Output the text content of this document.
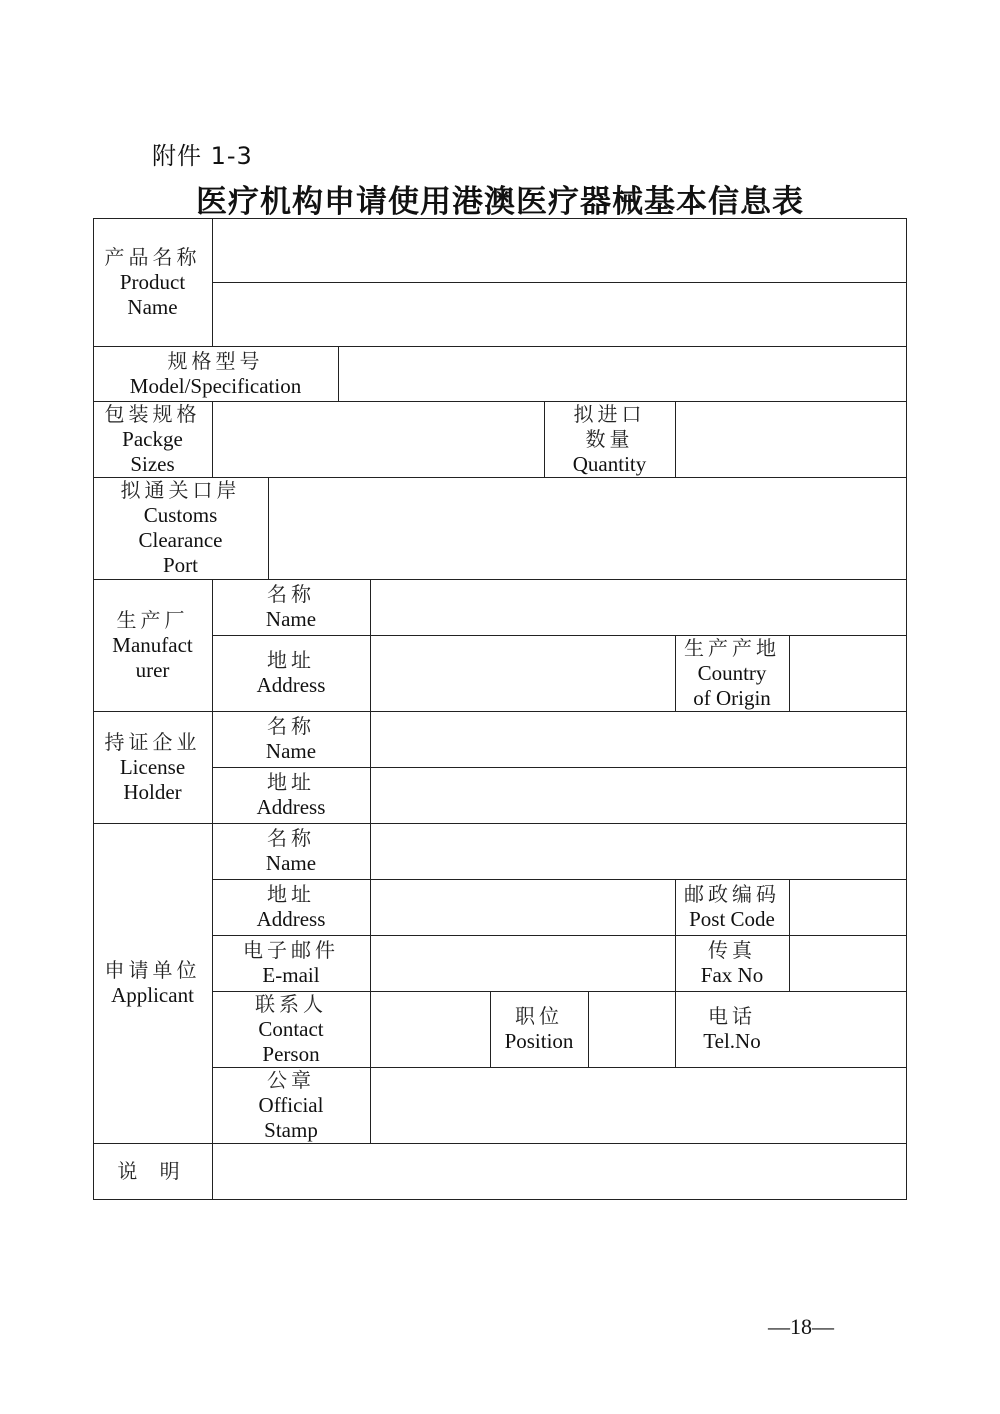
附件 1-3
医疗机构申请使用港澳医疗器械基本信息表
产品名称
Product
Name
规格型号
Model/Specification
包装规格
Packge
Sizes
拟进口
数量
Quantity
拟通关口岸
Customs
Clearance
Port
生产厂
Manufact
urer
名称
Name
地址
Address
生产产地
Country
of Origin
持证企业
License
Holder
名称
Name
地址
Address
申请单位
Applicant
名称
Name
地址
Address
邮政编码
Post Code
电子邮件
E-mail
传真
Fax No
联系人
Contact
Person
职位
Position
电话
Tel.No
公章
Official
Stamp
说 明
—18—
